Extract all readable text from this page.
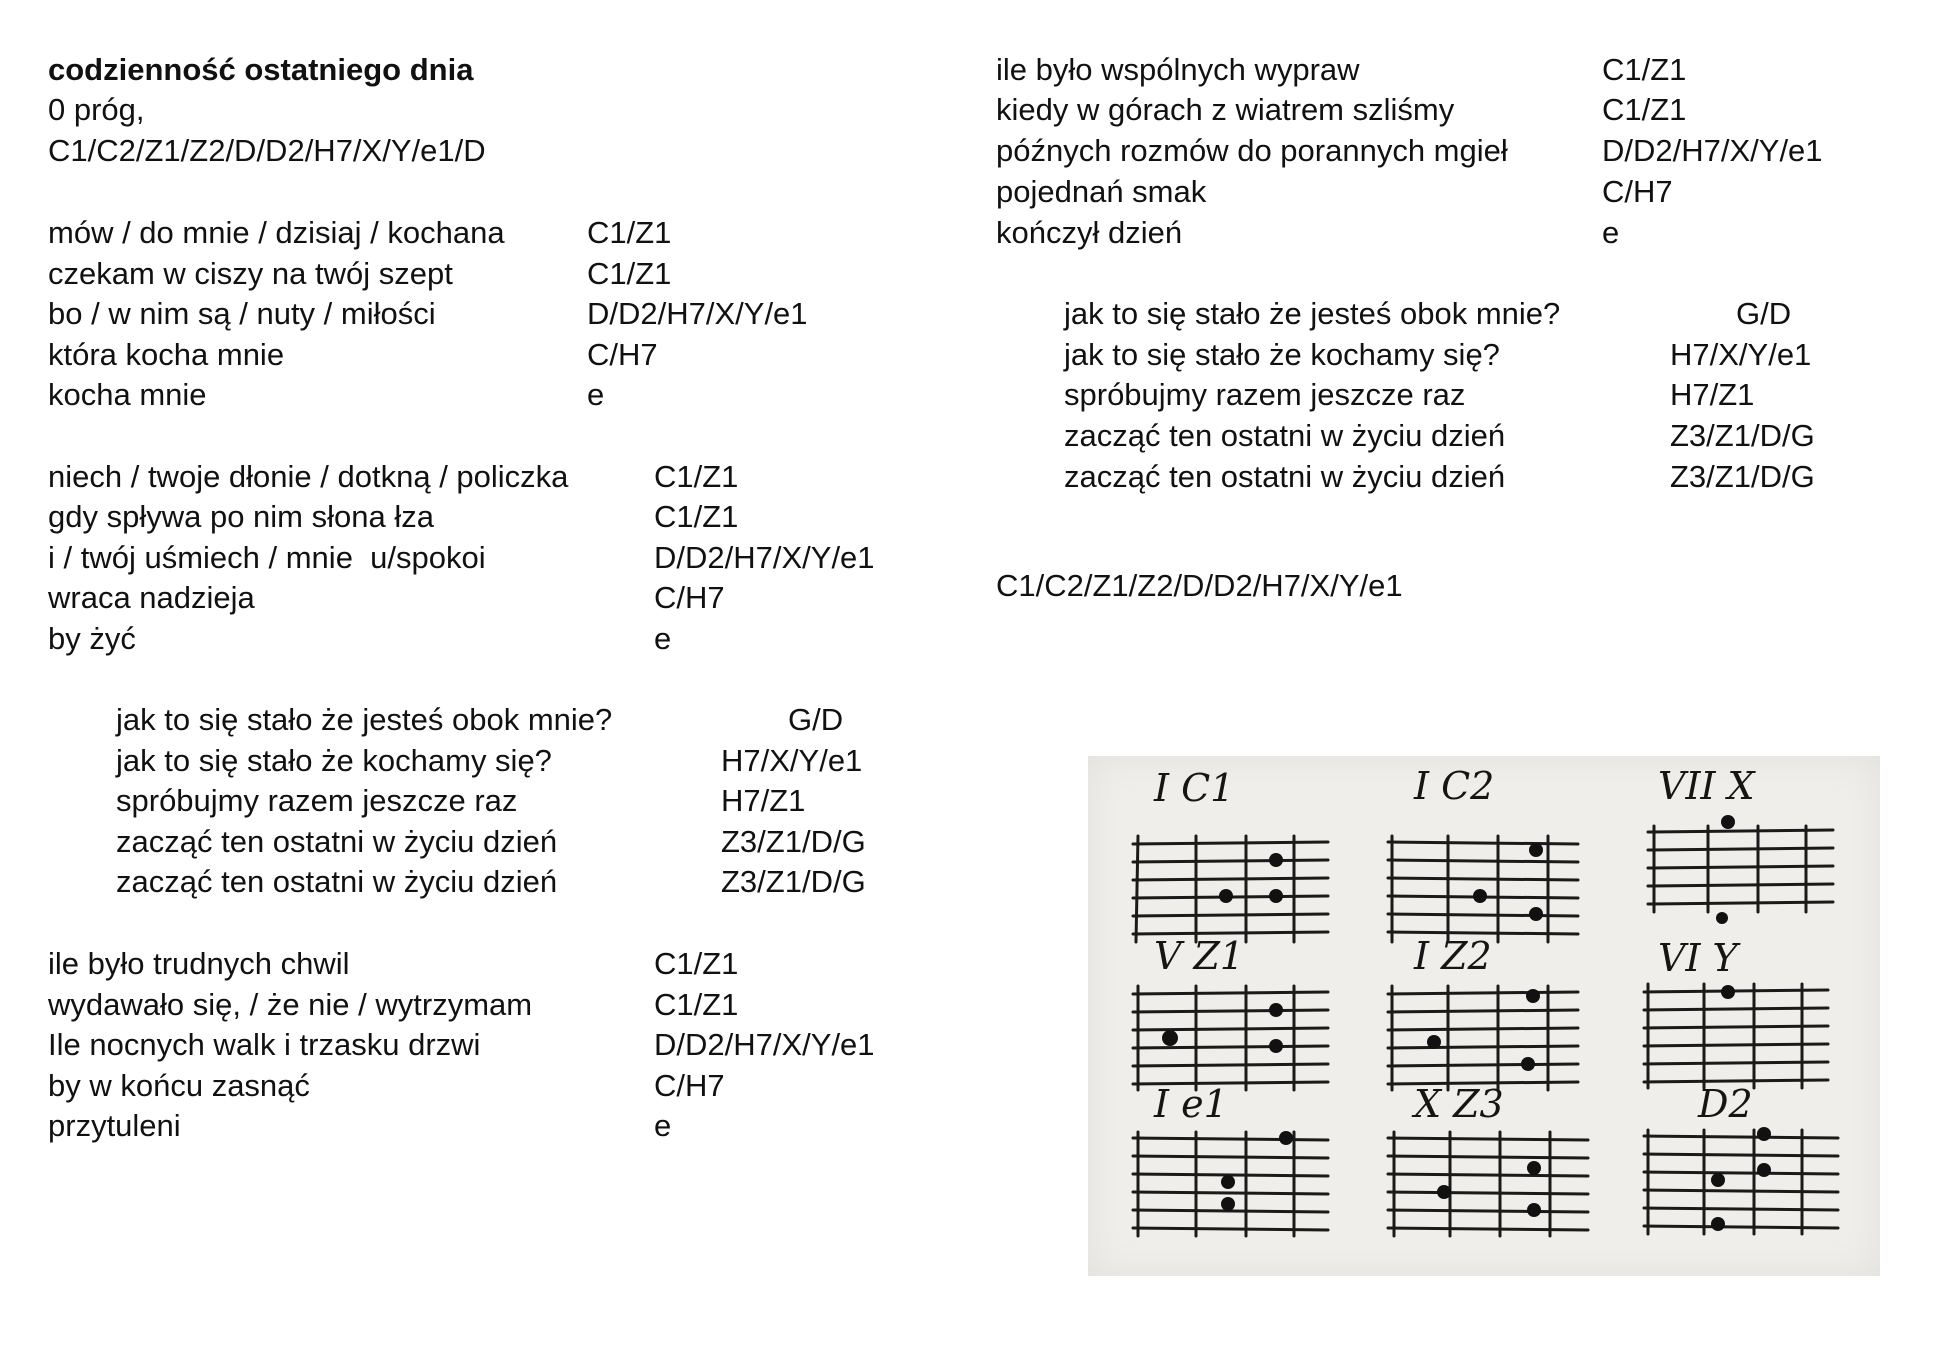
codzienność ostatniego dnia
0 próg,
C1/C2/Z1/Z2/D/D2/H7/X/Y/e1/D
mów / do mnie / dzisiaj / kochana	C1/Z1
czekam w ciszy na twój szept	C1/Z1
bo / w nim są / nuty / miłości	D/D2/H7/X/Y/e1
która kocha mnie	C/H7
kocha mnie	e
niech / twoje dłonie / dotkną / policzka	C1/Z1
gdy spływa po nim słona łza	C1/Z1
i / twój uśmiech / mnie  u/spokoi	D/D2/H7/X/Y/e1
wraca nadzieja	C/H7
by żyć	e
jak to się stało że jesteś obok mnie?	G/D
jak to się stało że kochamy się?	H7/X/Y/e1
spróbujmy razem jeszcze raz	H7/Z1
zacząć ten ostatni w życiu dzień	Z3/Z1/D/G
zacząć ten ostatni w życiu dzień	Z3/Z1/D/G
ile było trudnych chwil	C1/Z1
wydawało się, / że nie / wytrzymam	C1/Z1
Ile nocnych walk i trzasku drzwi	D/D2/H7/X/Y/e1
by w końcu zasnąć	C/H7
przytuleni	e
ile było wspólnych wypraw	C1/Z1
kiedy w górach z wiatrem szliśmy	C1/Z1
późnych rozmów do porannych mgieł	D/D2/H7/X/Y/e1
pojednań smak	C/H7
kończył dzień	e
jak to się stało że jesteś obok mnie?	G/D
jak to się stało że kochamy się?	H7/X/Y/e1
spróbujmy razem jeszcze raz	H7/Z1
zacząć ten ostatni w życiu dzień	Z3/Z1/D/G
zacząć ten ostatni w życiu dzień	Z3/Z1/D/G
C1/C2/Z1/Z2/D/D2/H7/X/Y/e1
I C1	I C2	VII X
V Z1	I Z2	VI Y
I e1	X Z3	D2
